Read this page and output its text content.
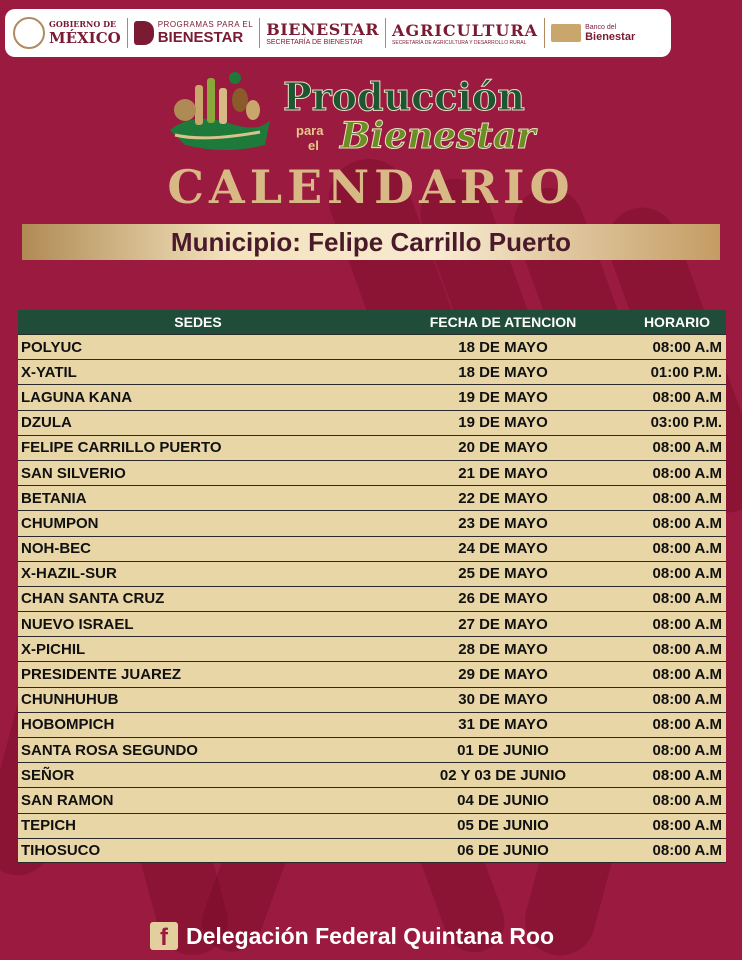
GOBIERNO DE
MÉXICO
PROGRAMAS PARA EL
BIENESTAR	BIENESTAR
SECRETARÍA DE BIENESTAR
AGRICULTURA
SECRETARÍA DE AGRICULTURA Y DESARROLLO RURAL
Banco del
Bienestar
Producción
para
el Bienestar
CALENDARIO
Municipio: Felipe Carrillo Puerto
SEDES	FECHA DE ATENCION	HORARIO
POLYUC	18 DE MAYO	08:00 A.M
X-YATIL	18 DE MAYO	01:00 P.M.
LAGUNA KANA	19 DE MAYO	08:00 A.M
DZULA	19 DE MAYO	03:00 P.M.
FELIPE CARRILLO PUERTO	20 DE MAYO	08:00 A.M
SAN SILVERIO	21 DE MAYO	08:00 A.M
BETANIA	22 DE MAYO	08:00 A.M
CHUMPON	23 DE MAYO	08:00 A.M
NOH-BEC	24 DE MAYO	08:00 A.M
X-HAZIL-SUR	25 DE MAYO	08:00 A.M
CHAN SANTA CRUZ	26 DE MAYO	08:00 A.M
NUEVO ISRAEL	27 DE MAYO	08:00 A.M
X-PICHIL	28 DE MAYO	08:00 A.M
PRESIDENTE JUAREZ	29 DE MAYO	08:00 A.M
CHUNHUHUB	30 DE MAYO	08:00 A.M
HOBOMPICH	31 DE MAYO	08:00 A.M
SANTA ROSA SEGUNDO	01 DE JUNIO	08:00 A.M
SEÑOR	02 Y 03 DE JUNIO	08:00 A.M
SAN RAMON	04 DE JUNIO	08:00 A.M
TEPICH	05 DE JUNIO	08:00 A.M
TIHOSUCO	06 DE JUNIO	08:00 A.M
f Delegación Federal Quintana Roo
